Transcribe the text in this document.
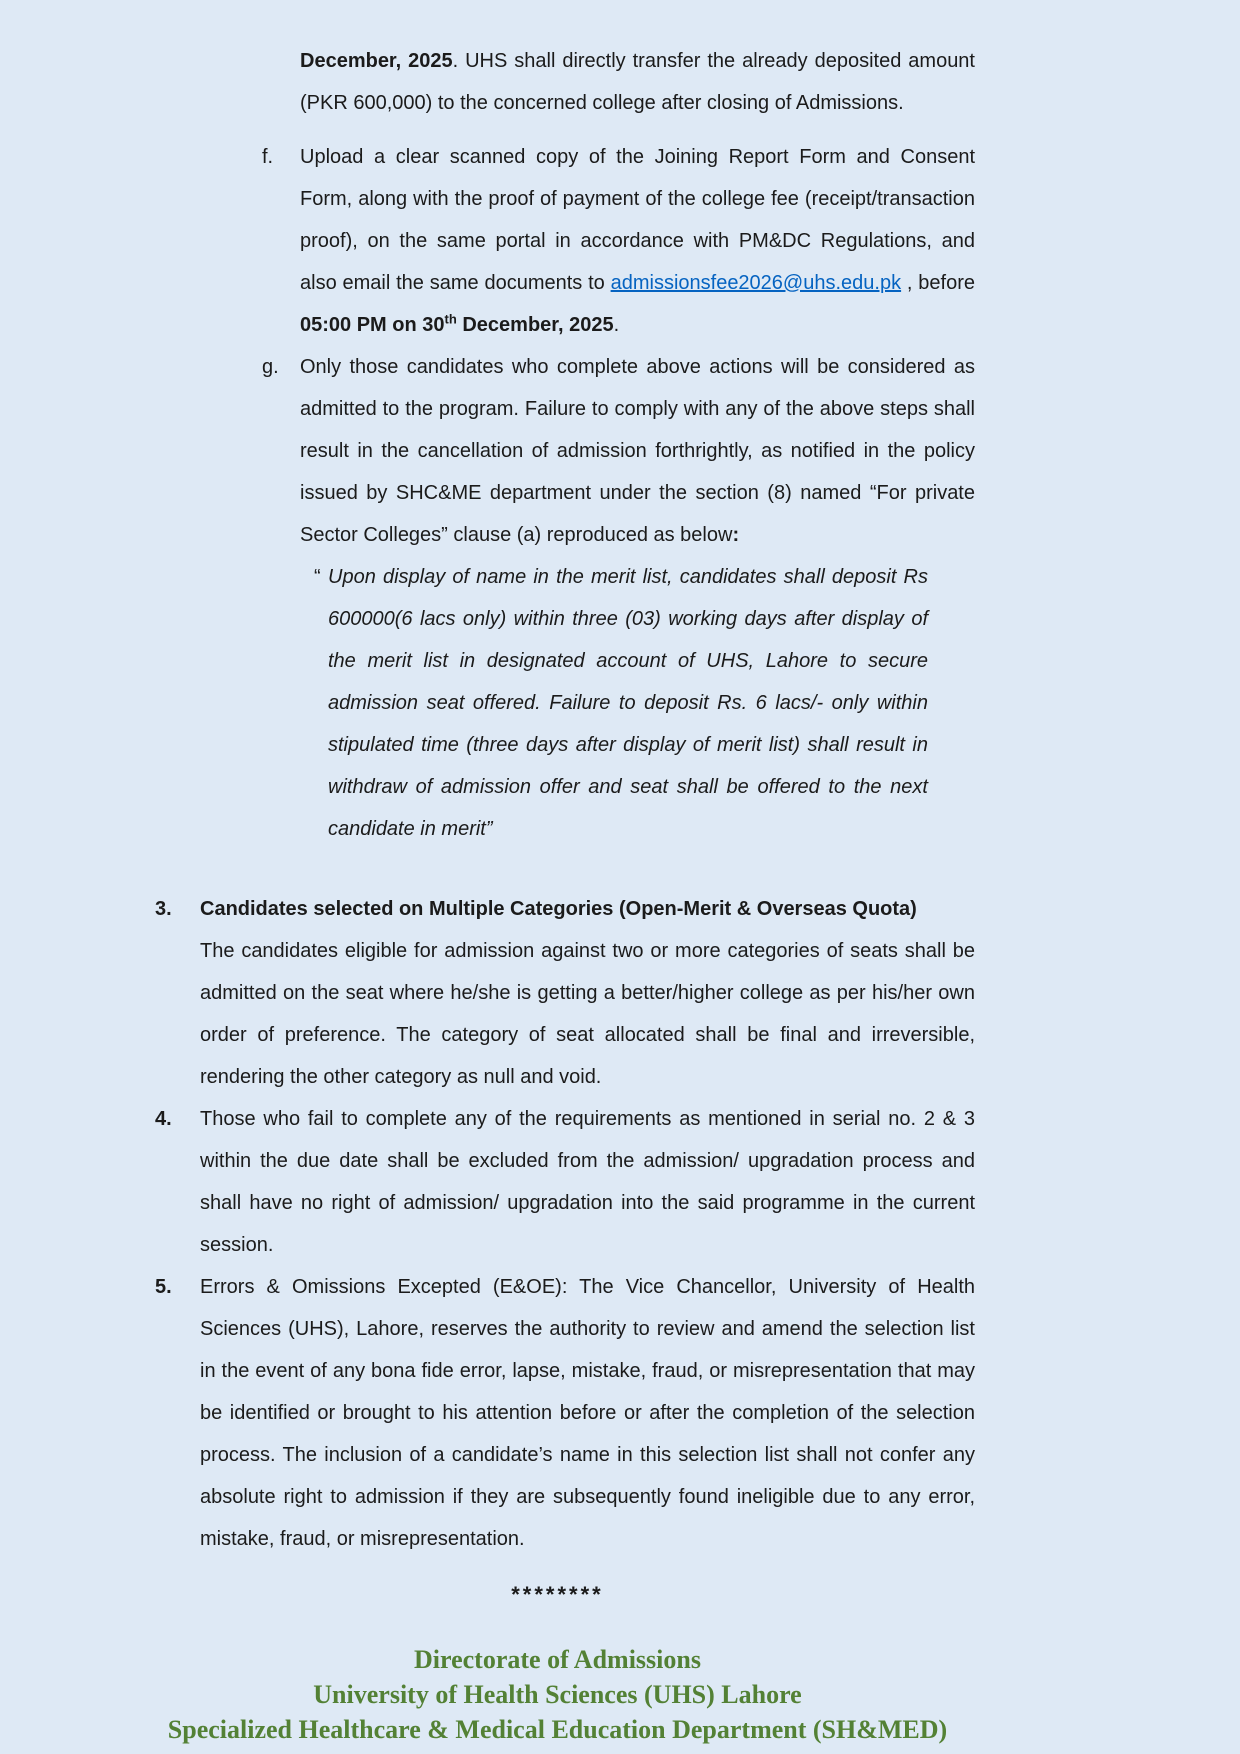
December, 2025. UHS shall directly transfer the already deposited amount (PKR 600,000) to the concerned college after closing of Admissions.
f.	Upload a clear scanned copy of the Joining Report Form and Consent Form, along with the proof of payment of the college fee (receipt/transaction proof), on the same portal in accordance with PM&DC Regulations, and also email the same documents to admissionsfee2026@uhs.edu.pk , before 05:00 PM on 30th December, 2025.
g.	Only those candidates who complete above actions will be considered as admitted to the program. Failure to comply with any of the above steps shall result in the cancellation of admission forthrightly, as notified in the policy issued by SHC&ME department under the section (8) named “For private Sector Colleges” clause (a) reproduced as below:
“ Upon display of name in the merit list, candidates shall deposit Rs 600000(6 lacs only) within three (03) working days after display of the merit list in designated account of UHS, Lahore to secure admission seat offered. Failure to deposit Rs. 6 lacs/- only within stipulated time (three days after display of merit list) shall result in withdraw of admission offer and seat shall be offered to the next candidate in merit”
3.	Candidates selected on Multiple Categories (Open-Merit & Overseas Quota)
The candidates eligible for admission against two or more categories of seats shall be admitted on the seat where he/she is getting a better/higher college as per his/her own order of preference. The category of seat allocated shall be final and irreversible, rendering the other category as null and void.
4.	Those who fail to complete any of the requirements as mentioned in serial no. 2 & 3 within the due date shall be excluded from the admission/ upgradation process and shall have no right of admission/ upgradation into the said programme in the current session.
5.	Errors & Omissions Excepted (E&OE): The Vice Chancellor, University of Health Sciences (UHS), Lahore, reserves the authority to review and amend the selection list in the event of any bona fide error, lapse, mistake, fraud, or misrepresentation that may be identified or brought to his attention before or after the completion of the selection process. The inclusion of a candidate’s name in this selection list shall not confer any absolute right to admission if they are subsequently found ineligible due to any error, mistake, fraud, or misrepresentation.
********
Directorate of Admissions
University of Health Sciences (UHS) Lahore
Specialized Healthcare & Medical Education Department (SH&MED)
